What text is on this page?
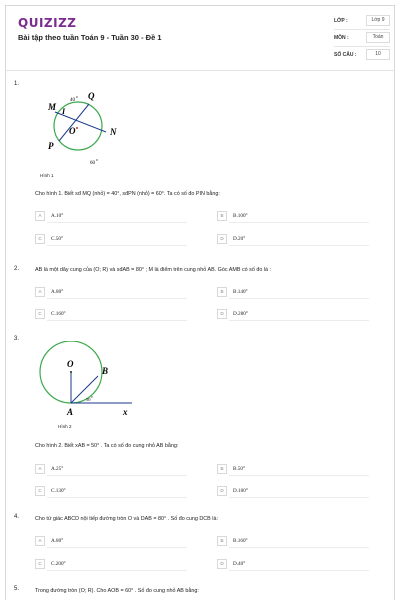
QUIZIZZ
Bài tập theo tuần Toán 9 - Tuần 30 - Đề 1
LỚP :	Lớp 9
MÔN :	Toán
SỐ CÂU :	10
1.
M
Q
I
O	N
P
40
0
60
0
Hình 1
Cho hình 1. Biết sđ MQ (nhỏ) = 40°, sđPN (nhỏ) = 60°. Ta có số đo PIN bằng:
A	A.10°	B	B.100°
C	C.50°	D	D.20°
2.	AB là một dây cung của (O; R) và sđAB = 80° ; M là điểm trên cung nhỏ AB. Góc AMB có số đo là :
A	A.80°	B	B.140°
C	C.160°	D	D.280°
3.
O
B
A	x
50 0
Hình 2
Cho hình 2. Biết xAB = 50° . Ta có số đo cung nhỏ AB bằng:
A	A.25°	B	B.50°
C	C.130°	D	D.100°
4.	Cho tứ giác ABCD nội tiếp đường tròn O và DAB = 80° . Số đo cung DCB là:
A	A.80°	B	B.160°
C	C.200°	D	D.40°
5.	Trong đường tròn (O; R). Cho AOB = 60° . Số đo cung nhỏ AB bằng:
